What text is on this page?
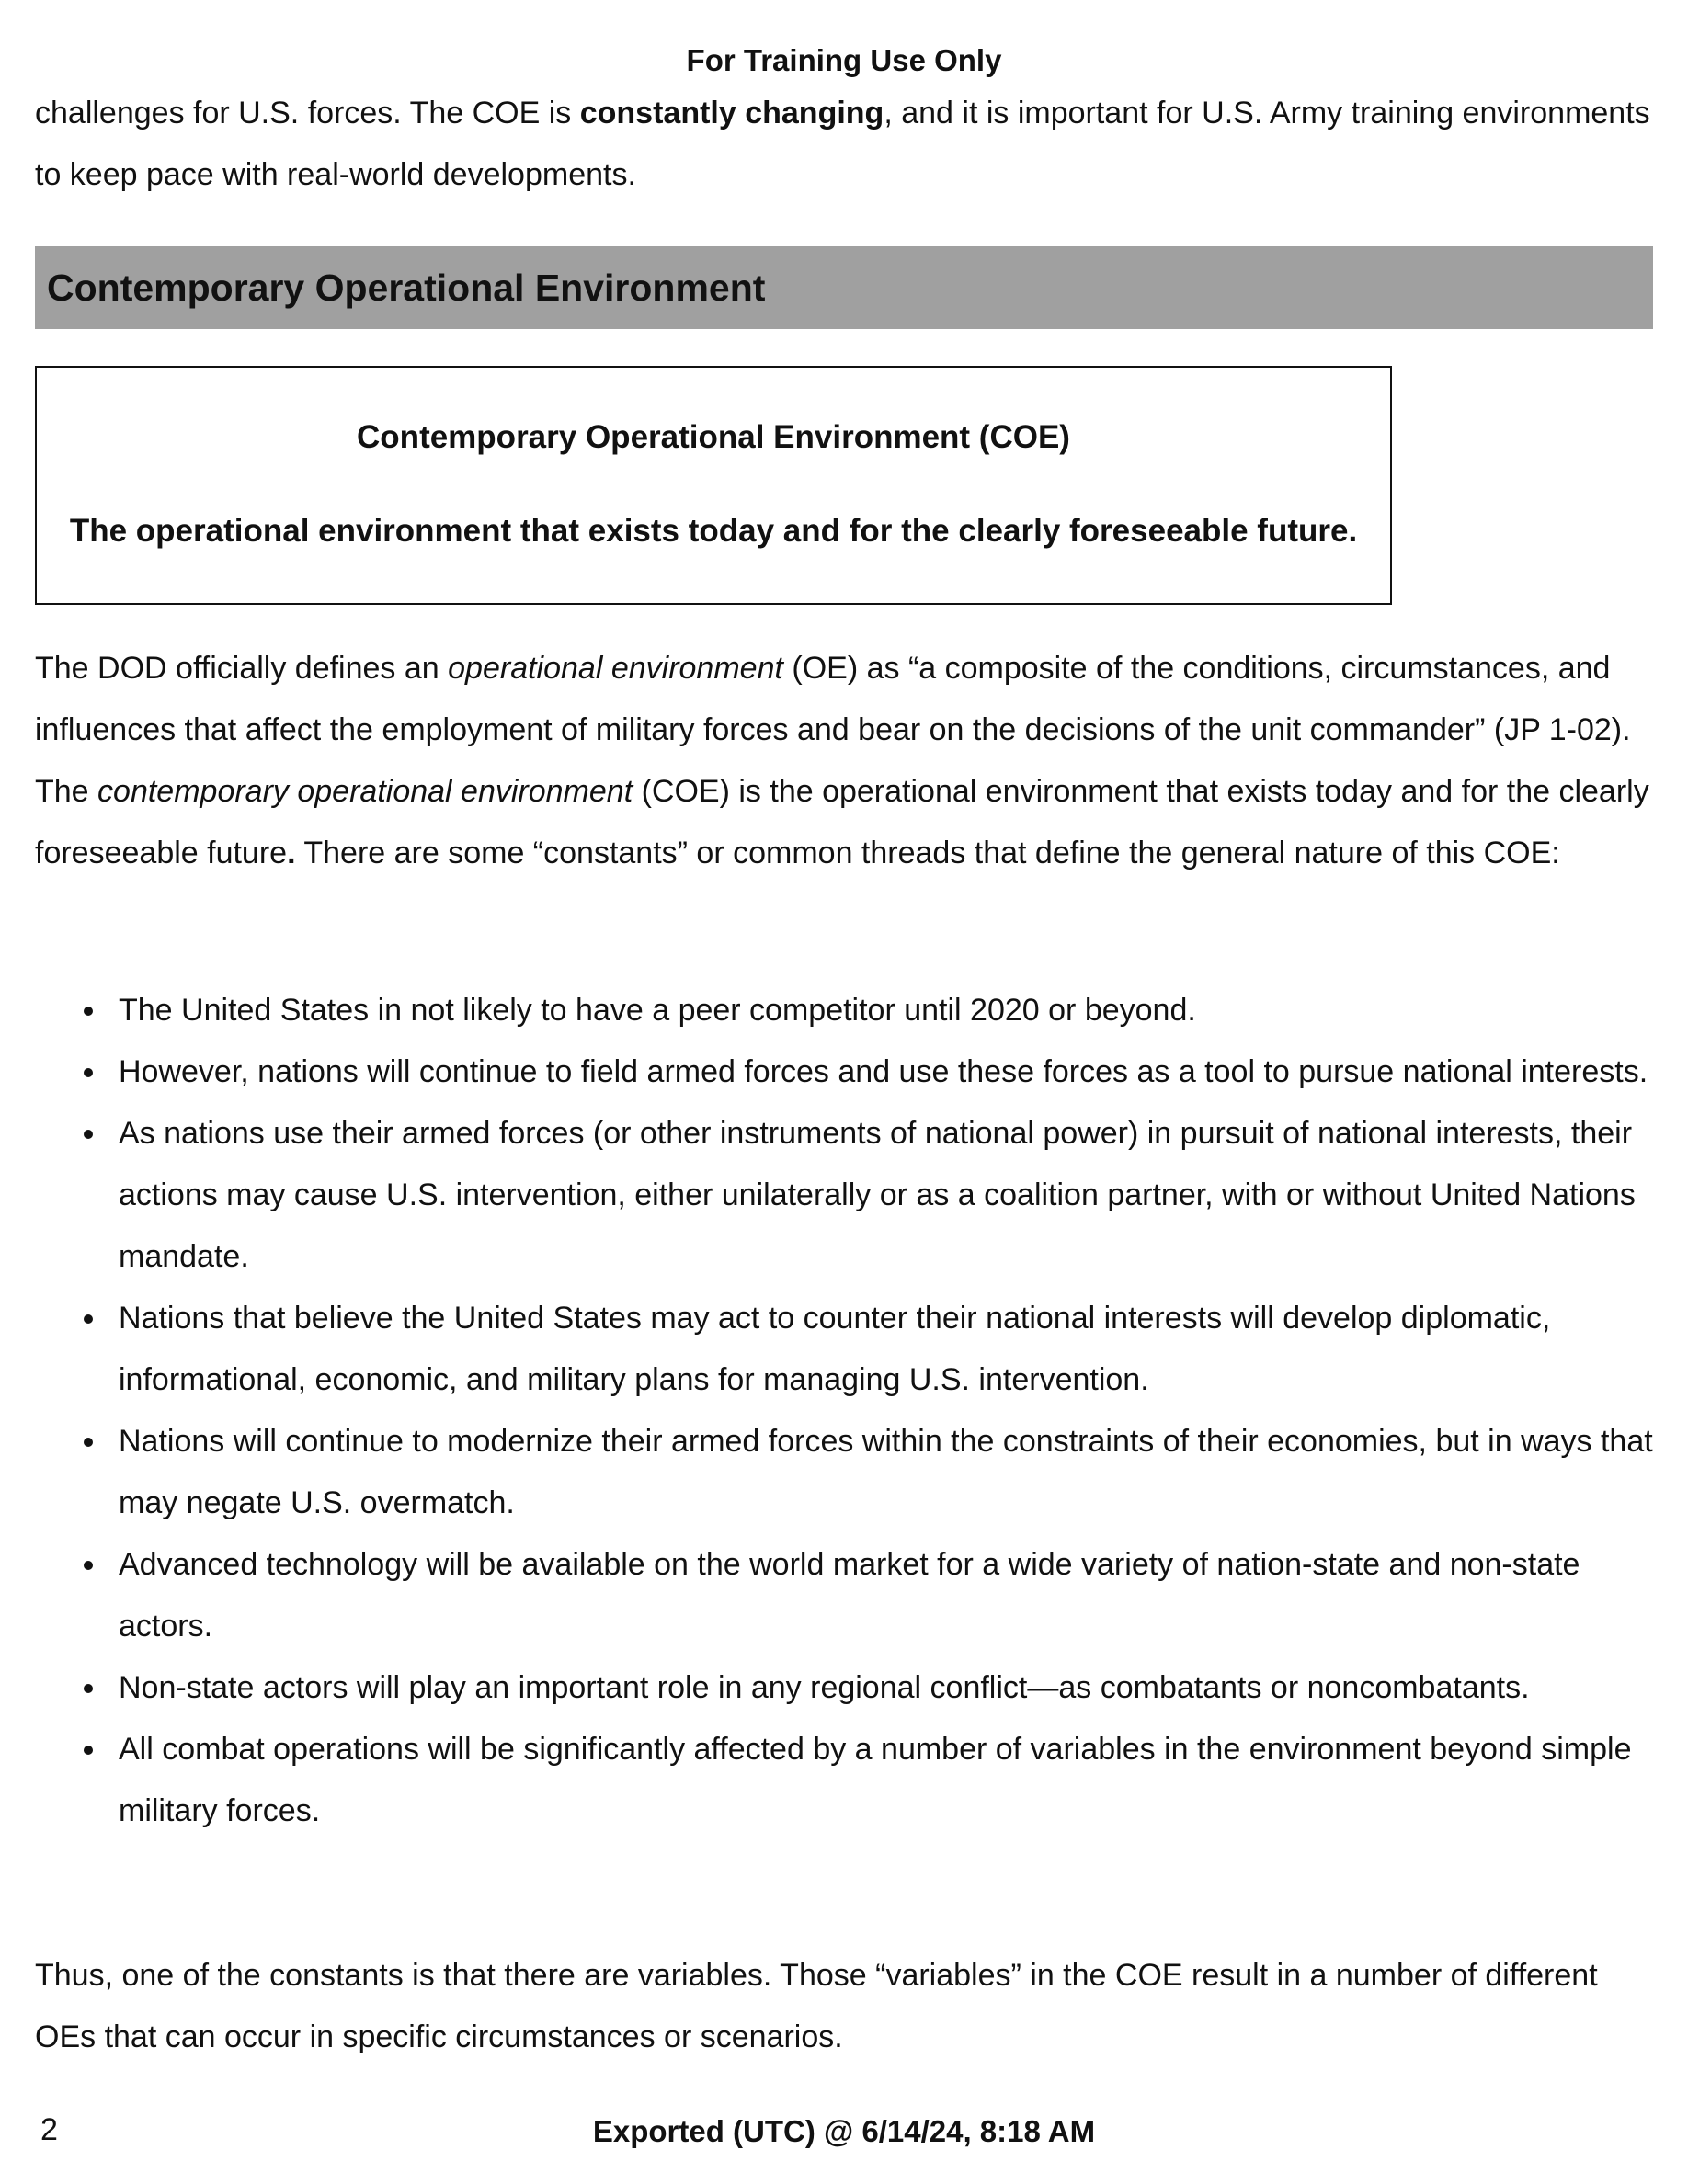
For Training Use Only

challenges for U.S. forces. The COE is constantly changing, and it is important for U.S. Army training environments to keep pace with real-world developments.

Contemporary Operational Environment
Contemporary Operational Environment (COE)
The operational environment that exists today and for the clearly foreseeable future.

The DOD officially defines an operational environment (OE) as “a composite of the conditions, circumstances, and influences that affect the employment of military forces and bear on the decisions of the unit commander” (JP 1-02). The contemporary operational environment (COE) is the operational environment that exists today and for the clearly foreseeable future. There are some “constants” or common threads that define the general nature of this COE:

The United States in not likely to have a peer competitor until 2020 or beyond.
However, nations will continue to field armed forces and use these forces as a tool to pursue national interests.
As nations use their armed forces (or other instruments of national power) in pursuit of national interests, their actions may cause U.S. intervention, either unilaterally or as a coalition partner, with or without United Nations mandate.
Nations that believe the United States may act to counter their national interests will develop diplomatic, informational, economic, and military plans for managing U.S. intervention.
Nations will continue to modernize their armed forces within the constraints of their economies, but in ways that may negate U.S. overmatch.
Advanced technology will be available on the world market for a wide variety of nation-state and non-state actors.
Non-state actors will play an important role in any regional conflict—as combatants or noncombatants.
All combat operations will be significantly affected by a number of variables in the environment beyond simple military forces.

Thus, one of the constants is that there are variables. Those “variables” in the COE result in a number of different OEs that can occur in specific circumstances or scenarios.

2	Exported (UTC) @ 6/14/24, 8:18 AM
